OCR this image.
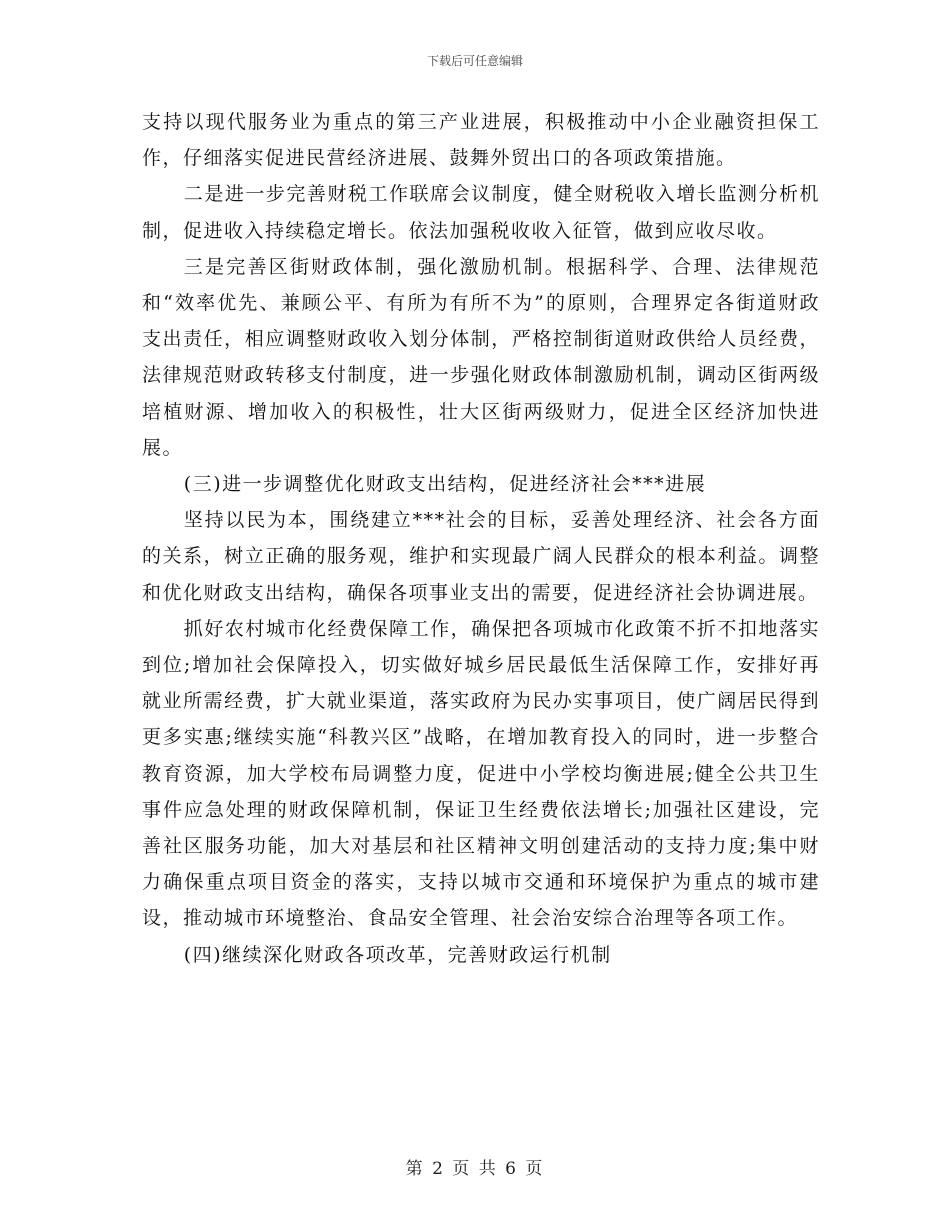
下载后可任意编辑

支持以现代服务业为重点的第三产业进展，积极推动中小企业融资担保工作，仔细落实促进民营经济进展、鼓舞外贸出口的各项政策措施。

二是进一步完善财税工作联席会议制度，健全财税收入增长监测分析机制，促进收入持续稳定增长。依法加强税收收入征管，做到应收尽收。

三是完善区街财政体制，强化激励机制。根据科学、合理、法律规范和“效率优先、兼顾公平、有所为有所不为”的原则，合理界定各街道财政支出责任，相应调整财政收入划分体制，严格控制街道财政供给人员经费，法律规范财政转移支付制度，进一步强化财政体制激励机制，调动区街两级培植财源、增加收入的积极性，壮大区街两级财力，促进全区经济加快进展。

(三)进一步调整优化财政支出结构，促进经济社会***进展

坚持以民为本，围绕建立***社会的目标，妥善处理经济、社会各方面的关系，树立正确的服务观，维护和实现最广阔人民群众的根本利益。调整和优化财政支出结构，确保各项事业支出的需要，促进经济社会协调进展。

抓好农村城市化经费保障工作，确保把各项城市化政策不折不扣地落实到位;增加社会保障投入，切实做好城乡居民最低生活保障工作，安排好再就业所需经费，扩大就业渠道，落实政府为民办实事项目，使广阔居民得到更多实惠;继续实施“科教兴区”战略，在增加教育投入的同时，进一步整合教育资源，加大学校布局调整力度，促进中小学校均衡进展;健全公共卫生事件应急处理的财政保障机制，保证卫生经费依法增长;加强社区建设，完善社区服务功能，加大对基层和社区精神文明创建活动的支持力度;集中财力确保重点项目资金的落实，支持以城市交通和环境保护为重点的城市建设，推动城市环境整治、食品安全管理、社会治安综合治理等各项工作。

(四)继续深化财政各项改革，完善财政运行机制

第 2 页 共 6 页
